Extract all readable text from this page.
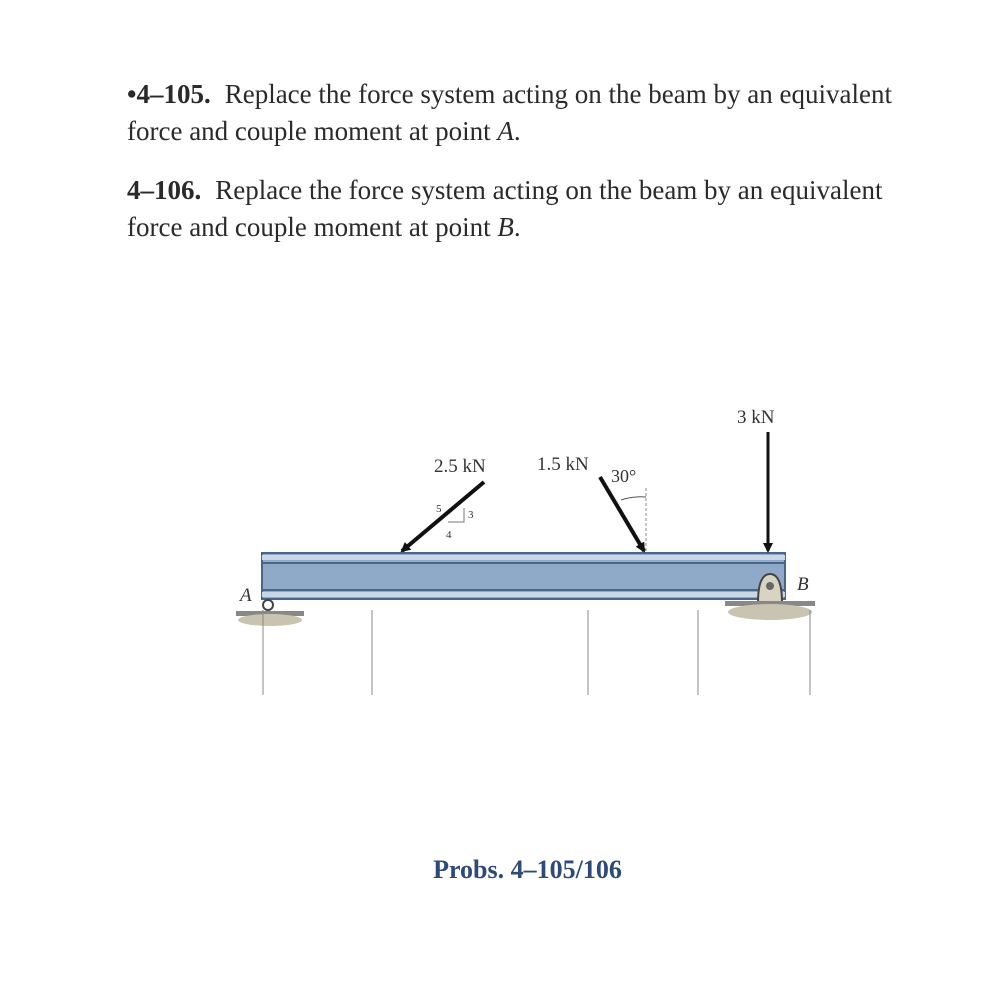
•4–105. Replace the force system acting on the beam by an equivalent force and couple moment at point A.
4–106. Replace the force system acting on the beam by an equivalent force and couple moment at point B.
A
B
2.5 kN
5 3
4
1.5 kN
30°
3 kN
Probs. 4–105/106
